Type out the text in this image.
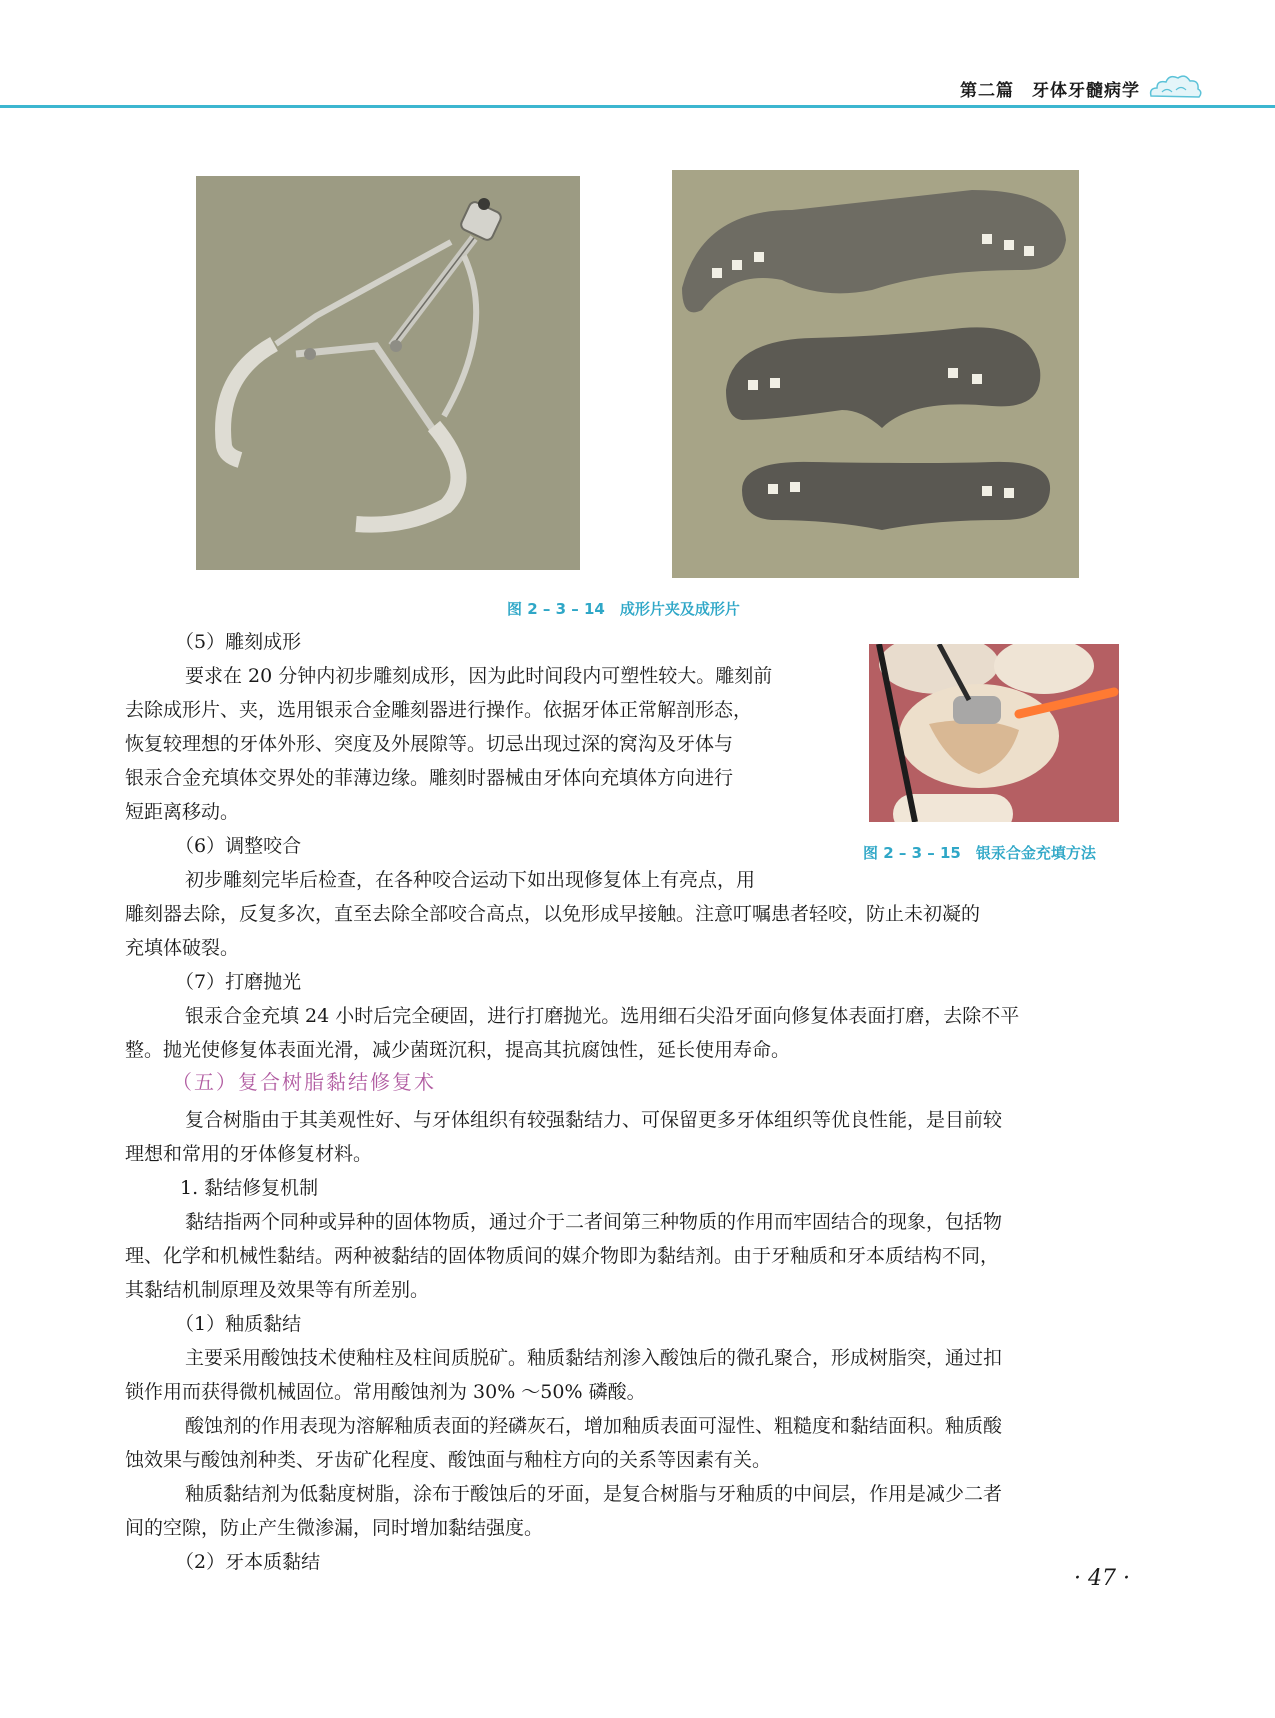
第二篇　牙体牙髓病学
图 2 – 3 – 14　成形片夹及成形片
图 2 – 3 – 15　银汞合金充填方法
（5）雕刻成形
要求在 20 分钟内初步雕刻成形，因为此时间段内可塑性较大。雕刻前
去除成形片、夹，选用银汞合金雕刻器进行操作。依据牙体正常解剖形态，
恢复较理想的牙体外形、突度及外展隙等。切忌出现过深的窝沟及牙体与
银汞合金充填体交界处的菲薄边缘。雕刻时器械由牙体向充填体方向进行
短距离移动。
（6）调整咬合
初步雕刻完毕后检查，在各种咬合运动下如出现修复体上有亮点，用
雕刻器去除，反复多次，直至去除全部咬合高点，以免形成早接触。注意叮嘱患者轻咬，防止未初凝的
充填体破裂。
（7）打磨抛光
银汞合金充填 24 小时后完全硬固，进行打磨抛光。选用细石尖沿牙面向修复体表面打磨，去除不平
整。抛光使修复体表面光滑，减少菌斑沉积，提高其抗腐蚀性，延长使用寿命。
（五）复合树脂黏结修复术
复合树脂由于其美观性好、与牙体组织有较强黏结力、可保留更多牙体组织等优良性能，是目前较
理想和常用的牙体修复材料。
1. 黏结修复机制
黏结指两个同种或异种的固体物质，通过介于二者间第三种物质的作用而牢固结合的现象，包括物
理、化学和机械性黏结。两种被黏结的固体物质间的媒介物即为黏结剂。由于牙釉质和牙本质结构不同，
其黏结机制原理及效果等有所差别。
（1）釉质黏结
主要采用酸蚀技术使釉柱及柱间质脱矿。釉质黏结剂渗入酸蚀后的微孔聚合，形成树脂突，通过扣
锁作用而获得微机械固位。常用酸蚀剂为 30% ～50% 磷酸。
酸蚀剂的作用表现为溶解釉质表面的羟磷灰石，增加釉质表面可湿性、粗糙度和黏结面积。釉质酸
蚀效果与酸蚀剂种类、牙齿矿化程度、酸蚀面与釉柱方向的关系等因素有关。
釉质黏结剂为低黏度树脂，涂布于酸蚀后的牙面，是复合树脂与牙釉质的中间层，作用是减少二者
间的空隙，防止产生微渗漏，同时增加黏结强度。
（2）牙本质黏结
· 47 ·
